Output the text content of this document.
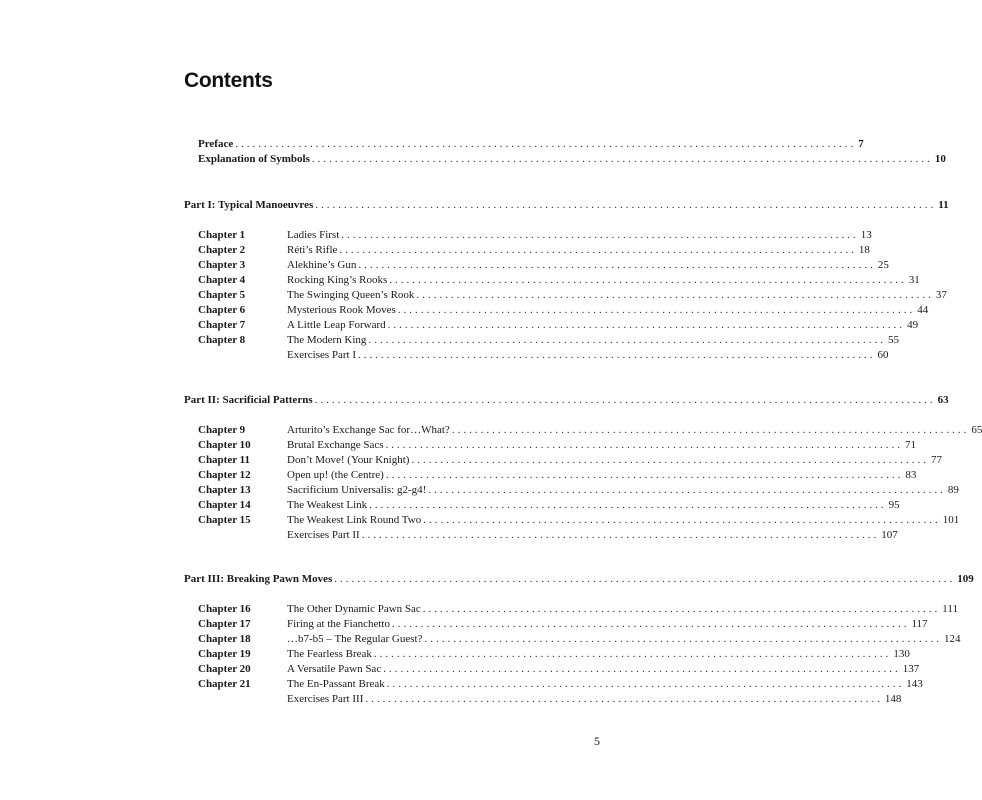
Contents
Preface ............................................................................................................ 7
Explanation of Symbols ............................................................................................................ 10
Part I: Typical Manoeuvres ............................................................................................................ 11
Chapter 1	Ladies First .......................................................................................... 13
Chapter 2	Réti’s Rifle .......................................................................................... 18
Chapter 3	Alekhine’s Gun .......................................................................................... 25
Chapter 4	Rocking King’s Rooks .......................................................................................... 31
Chapter 5	The Swinging Queen’s Rook .......................................................................................... 37
Chapter 6	Mysterious Rook Moves .......................................................................................... 44
Chapter 7	A Little Leap Forward .......................................................................................... 49
Chapter 8	The Modern King .......................................................................................... 55
Exercises Part I .......................................................................................... 60
Part II: Sacrificial Patterns ............................................................................................................ 63
Chapter 9	Arturito’s Exchange Sac for…What? .......................................................................................... 65
Chapter 10	Brutal Exchange Sacs .......................................................................................... 71
Chapter 11	Don’t Move! (Your Knight) .......................................................................................... 77
Chapter 12	Open up! (the Centre) .......................................................................................... 83
Chapter 13	Sacrificium Universalis: g2-g4! .......................................................................................... 89
Chapter 14	The Weakest Link .......................................................................................... 95
Chapter 15	The Weakest Link Round Two .......................................................................................... 101
Exercises Part II .......................................................................................... 107
Part III: Breaking Pawn Moves ............................................................................................................ 109
Chapter 16	The Other Dynamic Pawn Sac .......................................................................................... 111
Chapter 17	Firing at the Fianchetto .......................................................................................... 117
Chapter 18	…b7-b5 – The Regular Guest? .......................................................................................... 124
Chapter 19	The Fearless Break .......................................................................................... 130
Chapter 20	A Versatile Pawn Sac .......................................................................................... 137
Chapter 21	The En-Passant Break .......................................................................................... 143
Exercises Part III .......................................................................................... 148
5
